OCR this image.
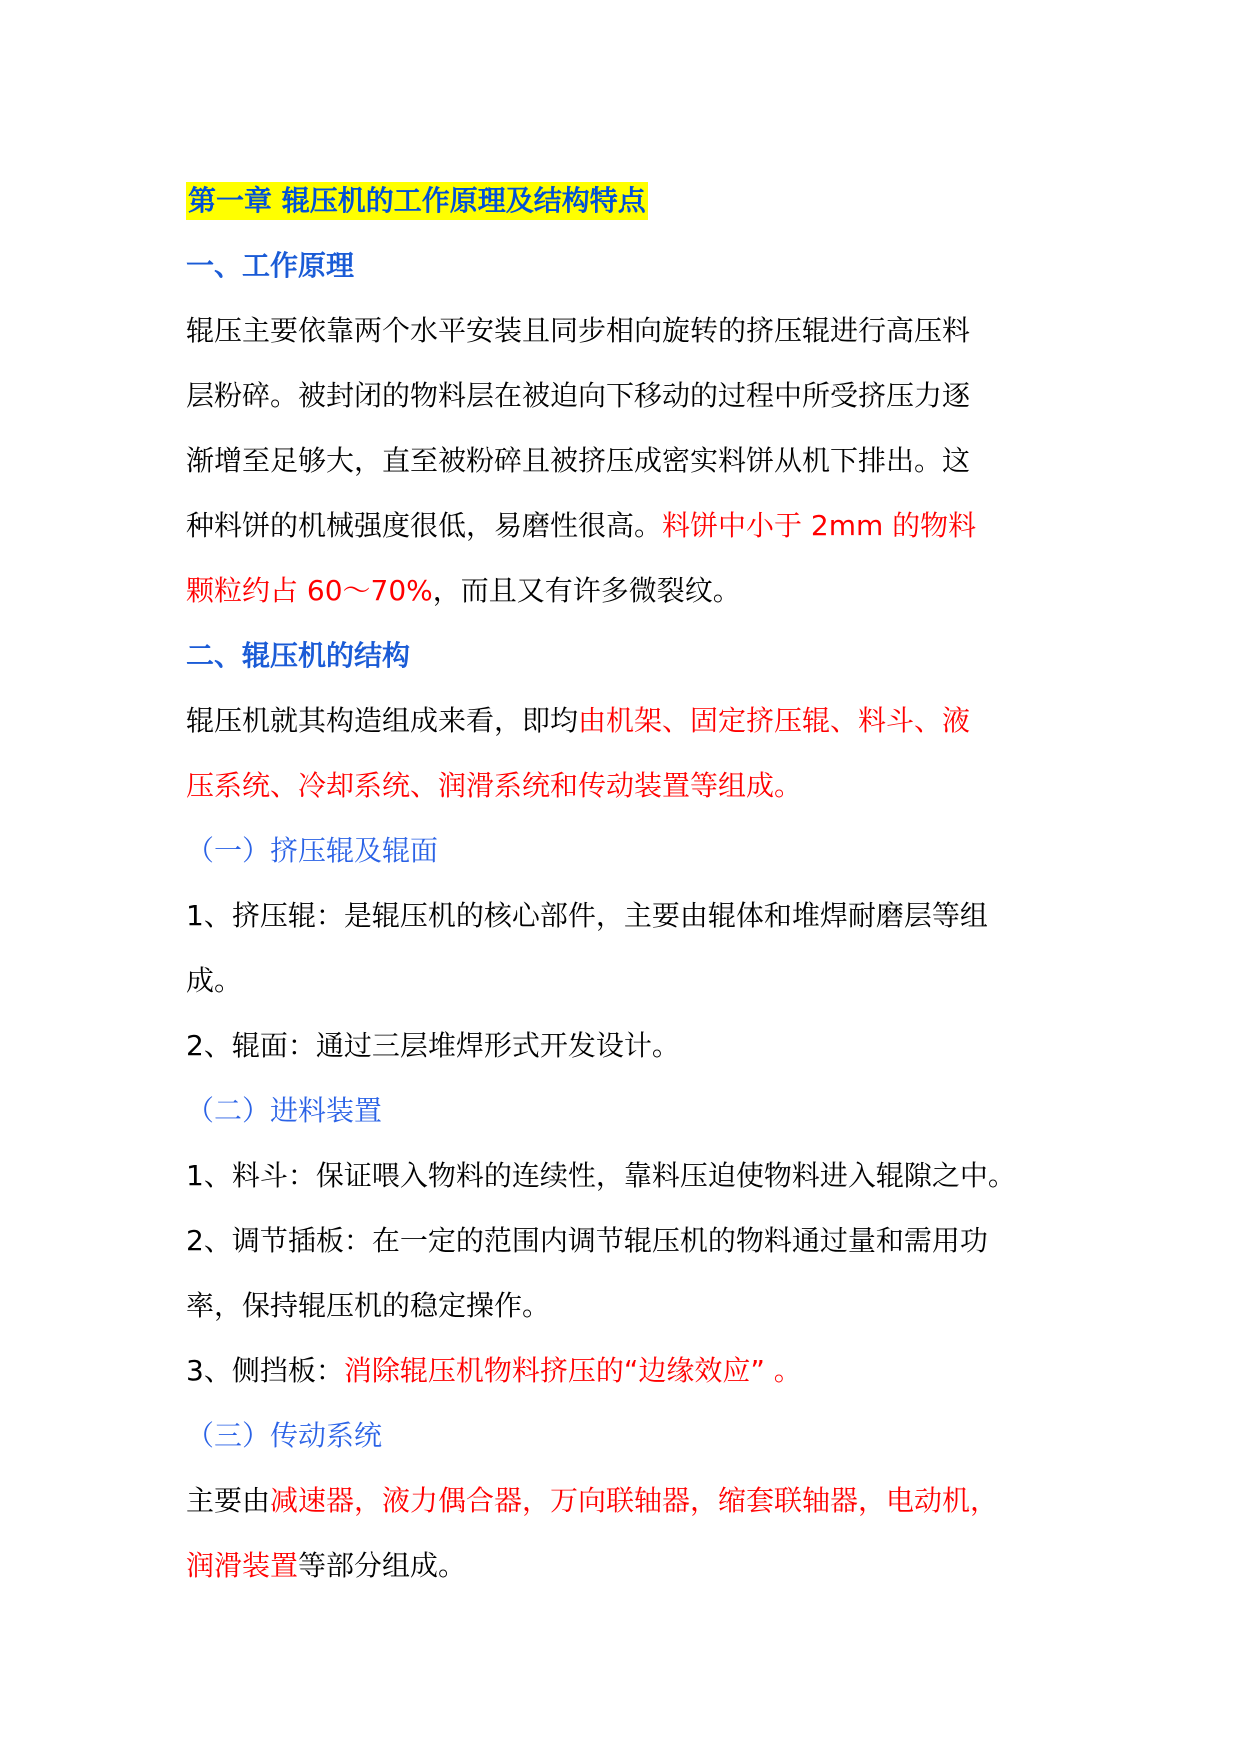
第一章 辊压机的工作原理及结构特点
一、工作原理
辊压主要依靠两个水平安装且同步相向旋转的挤压辊进行高压料
层粉碎。被封闭的物料层在被迫向下移动的过程中所受挤压力逐
渐增至足够大，直至被粉碎且被挤压成密实料饼从机下排出。这
种料饼的机械强度很低，易磨性很高。料饼中小于 2mm 的物料
颗粒约占 60～70%，而且又有许多微裂纹。
二、辊压机的结构
辊压机就其构造组成来看，即均由机架、固定挤压辊、料斗、液
压系统、冷却系统、润滑系统和传动装置等组成。
（一）挤压辊及辊面
1、挤压辊：是辊压机的核心部件，主要由辊体和堆焊耐磨层等组
成。
2、辊面：通过三层堆焊形式开发设计。
（二）进料装置
1、料斗：保证喂入物料的连续性，靠料压迫使物料进入辊隙之中。
2、调节插板：在一定的范围内调节辊压机的物料通过量和需用功
率，保持辊压机的稳定操作。
3、侧挡板：消除辊压机物料挤压的“边缘效应” 。
（三）传动系统
主要由减速器，液力偶合器，万向联轴器，缩套联轴器，电动机，
润滑装置等部分组成。
